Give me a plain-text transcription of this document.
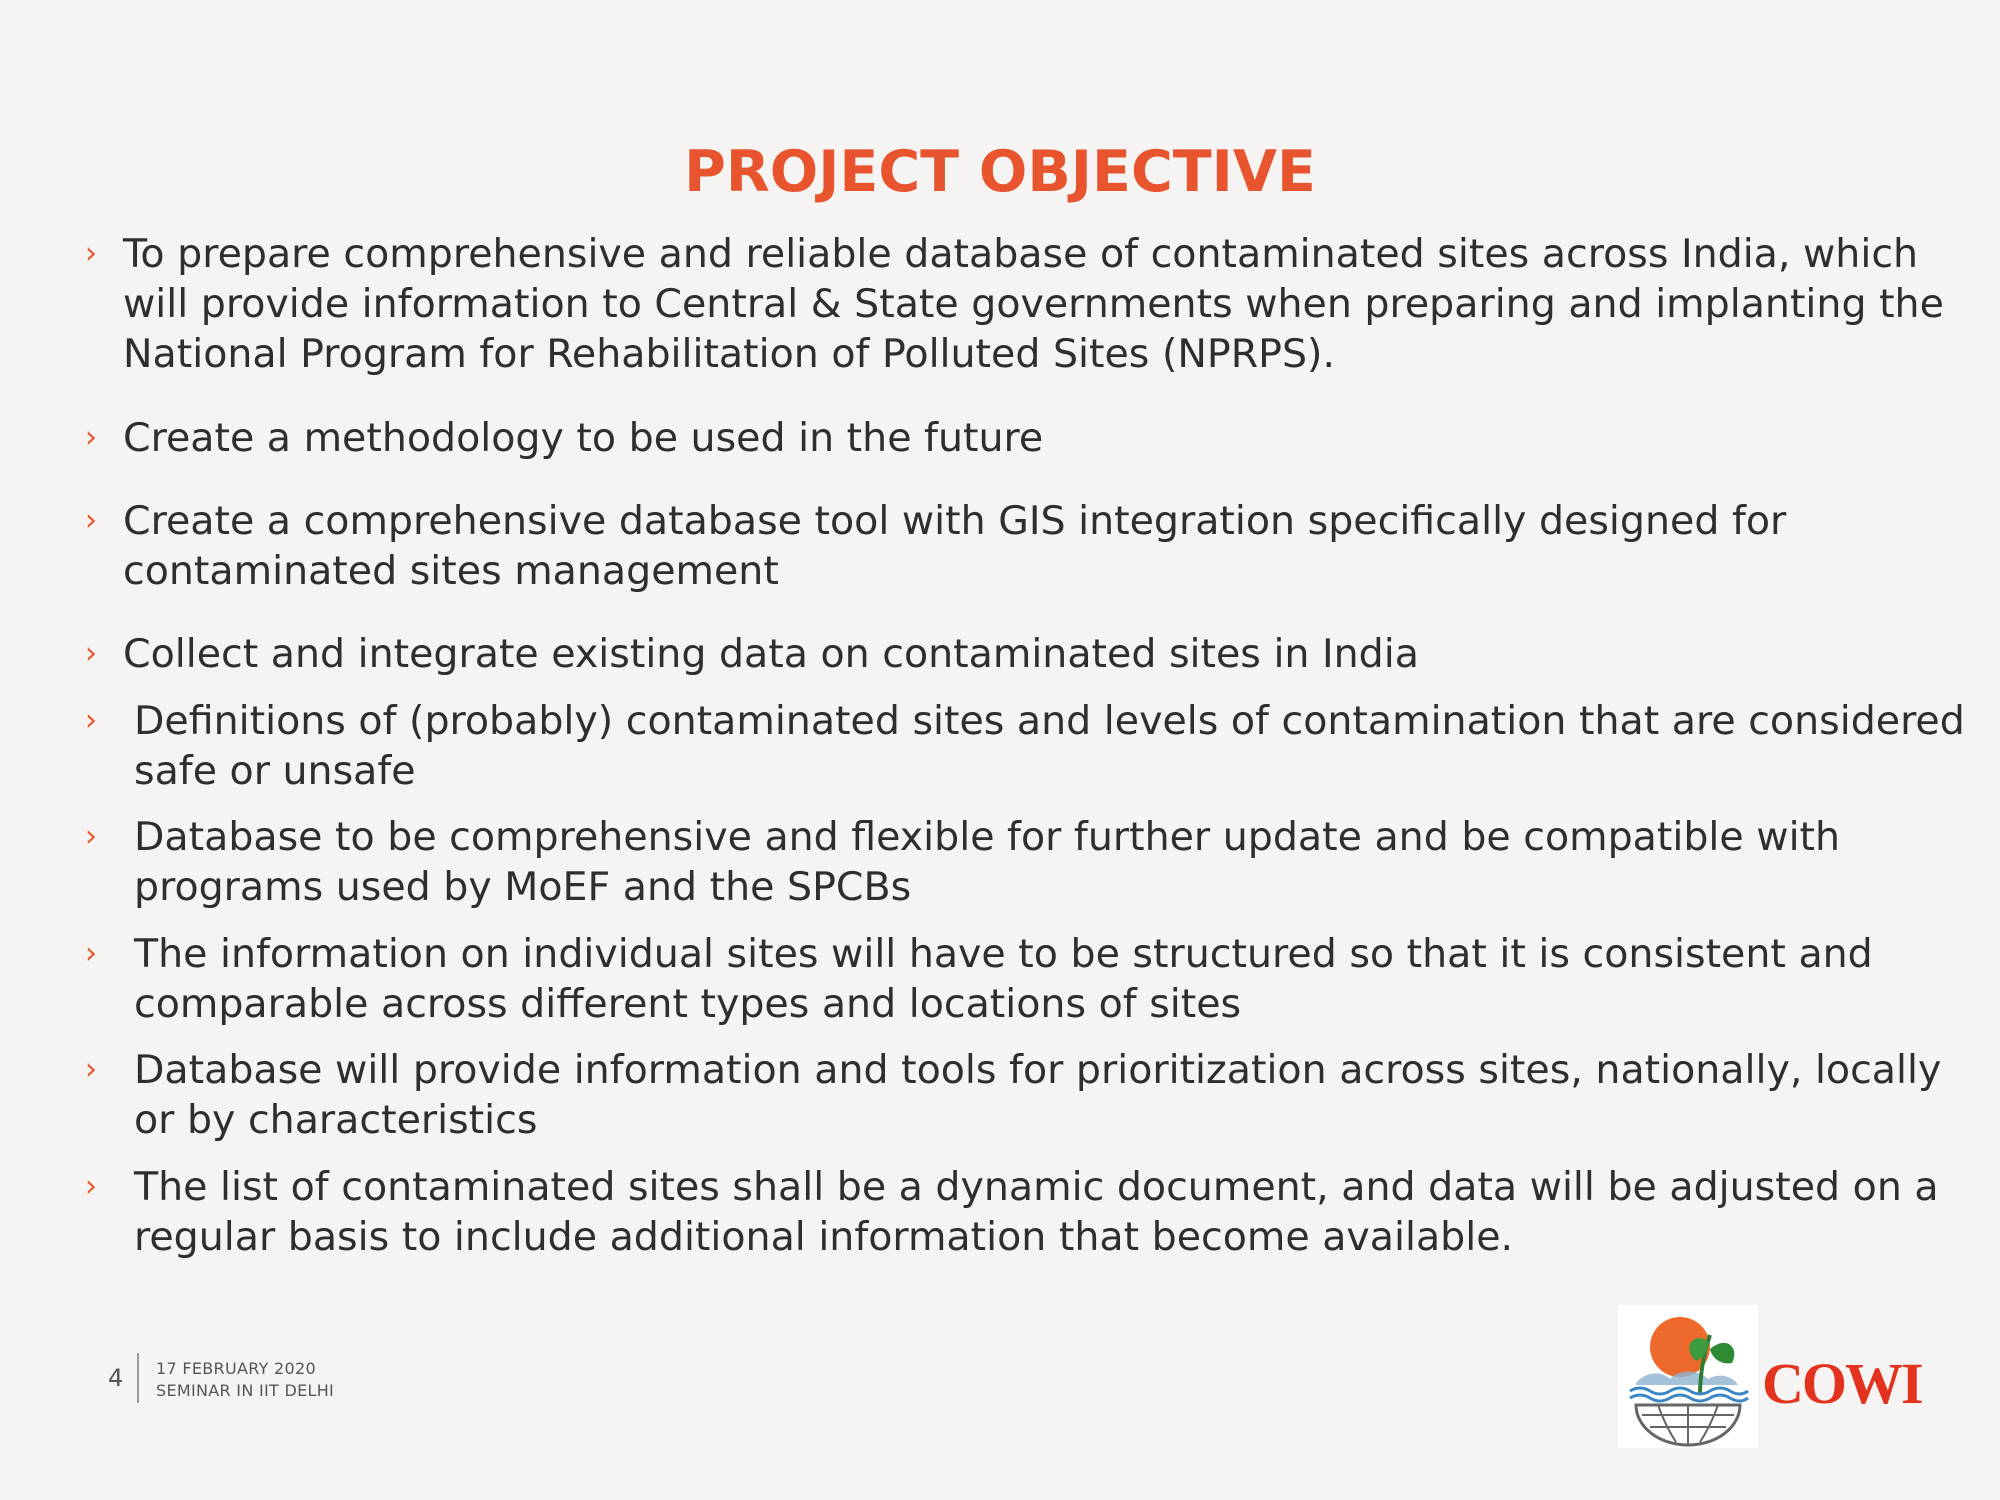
PROJECT OBJECTIVE
› To prepare comprehensive and reliable database of contaminated sites across India, which will provide information to Central & State governments when preparing and implanting the National Program for Rehabilitation of Polluted Sites (NPRPS).
› Create a methodology to be used in the future
› Create a comprehensive database tool with GIS integration specifically designed for contaminated sites management
› Collect and integrate existing data on contaminated sites in India
› Definitions of (probably) contaminated sites and levels of contamination that are considered safe or unsafe
› Database to be comprehensive and flexible for further update and be compatible with programs used by MoEF and the SPCBs
› The information on individual sites will have to be structured so that it is consistent and comparable across different types and locations of sites
› Database will provide information and tools for prioritization across sites, nationally, locally or by characteristics
› The list of contaminated sites shall be a dynamic document, and data will be adjusted on a regular basis to include additional information that become available.
4 17 FEBRUARY 2020
SEMINAR IN IIT DELHI	COWI
